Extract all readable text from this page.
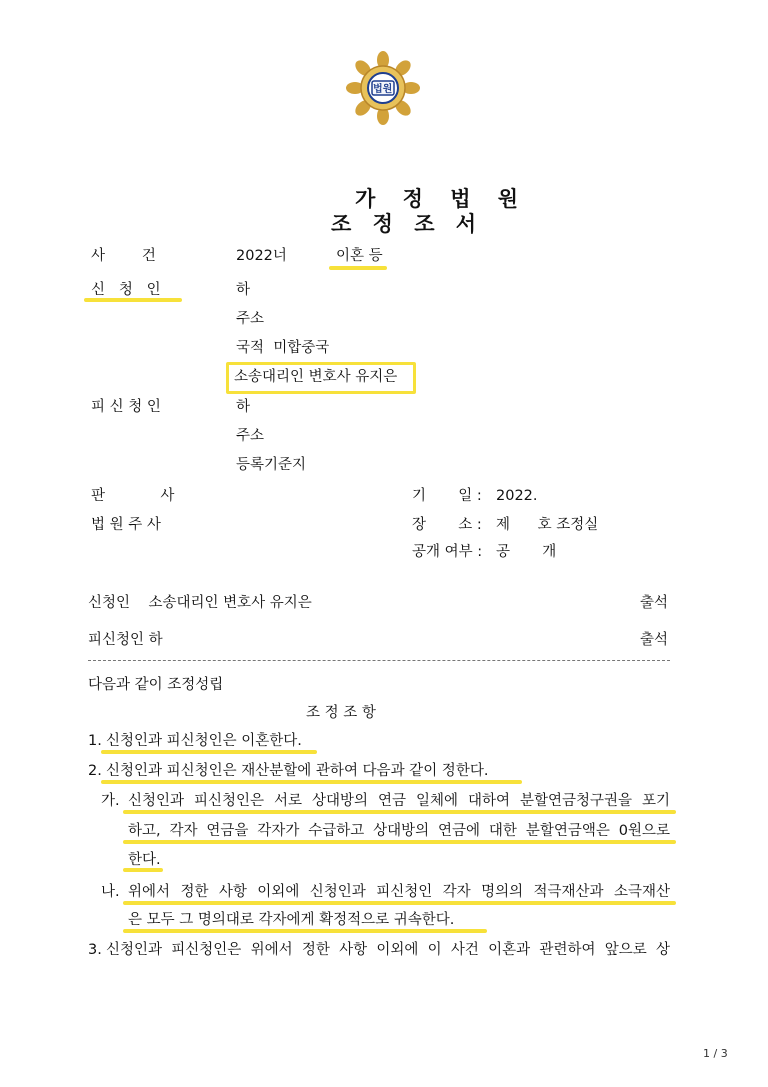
법원
가 정 법 원
조 정 조 서
사        건	2022너	이혼 등
신   청   인	하
주소
국적  미합중국
소송대리인 변호사 유지은
피 신 청 인	하
주소
등록기준지
판            사
법 원 주 사
기       일 : 2022.
장       소 : 제      호 조정실
공개 여부 : 공       개
신청인    소송대리인 변호사 유지은	출석
피신청인 하	출석
다음과 같이 조정성립
조 정 조 항
1. 신청인과 피신청인은 이혼한다.
2. 신청인과 피신청인은 재산분할에 관하여 다음과 같이 정한다.
가. 신청인과 피신청인은 서로 상대방의 연금 일체에 대하여 분할연금청구권을 포기
하고, 각자 연금을 각자가 수급하고 상대방의 연금에 대한 분할연금액은 0원으로
한다.
나. 위에서 정한 사항 이외에 신청인과 피신청인 각자 명의의 적극재산과 소극재산
은 모두 그 명의대로 각자에게 확정적으로 귀속한다.
3. 신청인과 피신청인은 위에서 정한 사항 이외에 이 사건 이혼과 관련하여 앞으로 상
1 / 3
